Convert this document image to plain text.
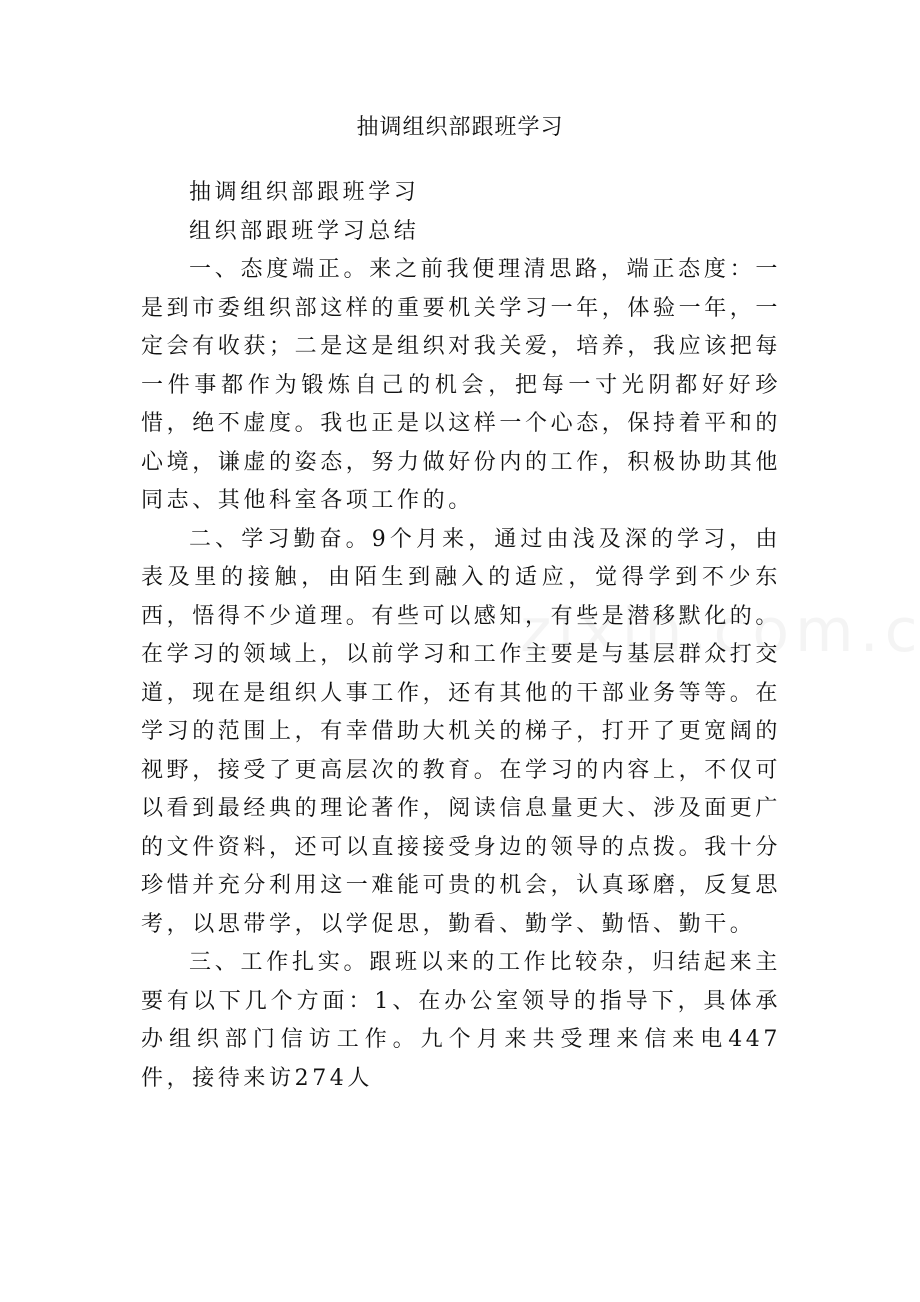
抽调组织部跟班学习

抽调组织部跟班学习

组织部跟班学习总结

一、态度端正。来之前我便理清思路，端正态度：一是到市委组织部这样的重要机关学习一年，体验一年，一定会有收获；二是这是组织对我关爱，培养，我应该把每一件事都作为锻炼自己的机会，把每一寸光阴都好好珍惜，绝不虚度。我也正是以这样一个心态，保持着平和的心境，谦虚的姿态，努力做好份内的工作，积极协助其他同志、其他科室各项工作的。

二、学习勤奋。9个月来，通过由浅及深的学习，由表及里的接触，由陌生到融入的适应，觉得学到不少东西，悟得不少道理。有些可以感知，有些是潜移默化的。在学习的领域上，以前学习和工作主要是与基层群众打交道，现在是组织人事工作，还有其他的干部业务等等。在学习的范围上，有幸借助大机关的梯子，打开了更宽阔的视野，接受了更高层次的教育。在学习的内容上，不仅可以看到最经典的理论著作，阅读信息量更大、涉及面更广的文件资料，还可以直接接受身边的领导的点拨。我十分珍惜并充分利用这一难能可贵的机会，认真琢磨，反复思考，以思带学，以学促思，勤看、勤学、勤悟、勤干。

三、工作扎实。跟班以来的工作比较杂，归结起来主要有以下几个方面：1、在办公室领导的指导下，具体承办组织部门信访工作。九个月来共受理来信来电447件，接待来访274人
